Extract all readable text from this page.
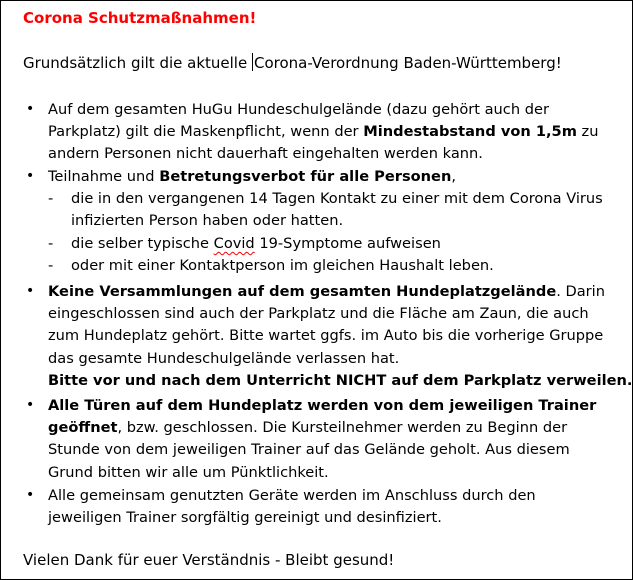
Corona Schutzmaßnahmen!
Grundsätzlich gilt die aktuelle Corona-Verordnung Baden-Württemberg!
• Auf dem gesamten HuGu Hundeschulgelände (dazu gehört auch der
Parkplatz) gilt die Maskenpflicht, wenn der Mindestabstand von 1,5m zu
andern Personen nicht dauerhaft eingehalten werden kann.
• Teilnahme und Betretungsverbot für alle Personen,
- die in den vergangenen 14 Tagen Kontakt zu einer mit dem Corona Virus
infizierten Person haben oder hatten.
- die selber typische Covid 19-Symptome aufweisen
- oder mit einer Kontaktperson im gleichen Haushalt leben.
• Keine Versammlungen auf dem gesamten Hundeplatzgelände. Darin
eingeschlossen sind auch der Parkplatz und die Fläche am Zaun, die auch
zum Hundeplatz gehört. Bitte wartet ggfs. im Auto bis die vorherige Gruppe
das gesamte Hundeschulgelände verlassen hat.
Bitte vor und nach dem Unterricht NICHT auf dem Parkplatz verweilen.
• Alle Türen auf dem Hundeplatz werden von dem jeweiligen Trainer
geöffnet, bzw. geschlossen. Die Kursteilnehmer werden zu Beginn der
Stunde von dem jeweiligen Trainer auf das Gelände geholt. Aus diesem
Grund bitten wir alle um Pünktlichkeit.
• Alle gemeinsam genutzten Geräte werden im Anschluss durch den
jeweiligen Trainer sorgfältig gereinigt und desinfiziert.
Vielen Dank für euer Verständnis - Bleibt gesund!
